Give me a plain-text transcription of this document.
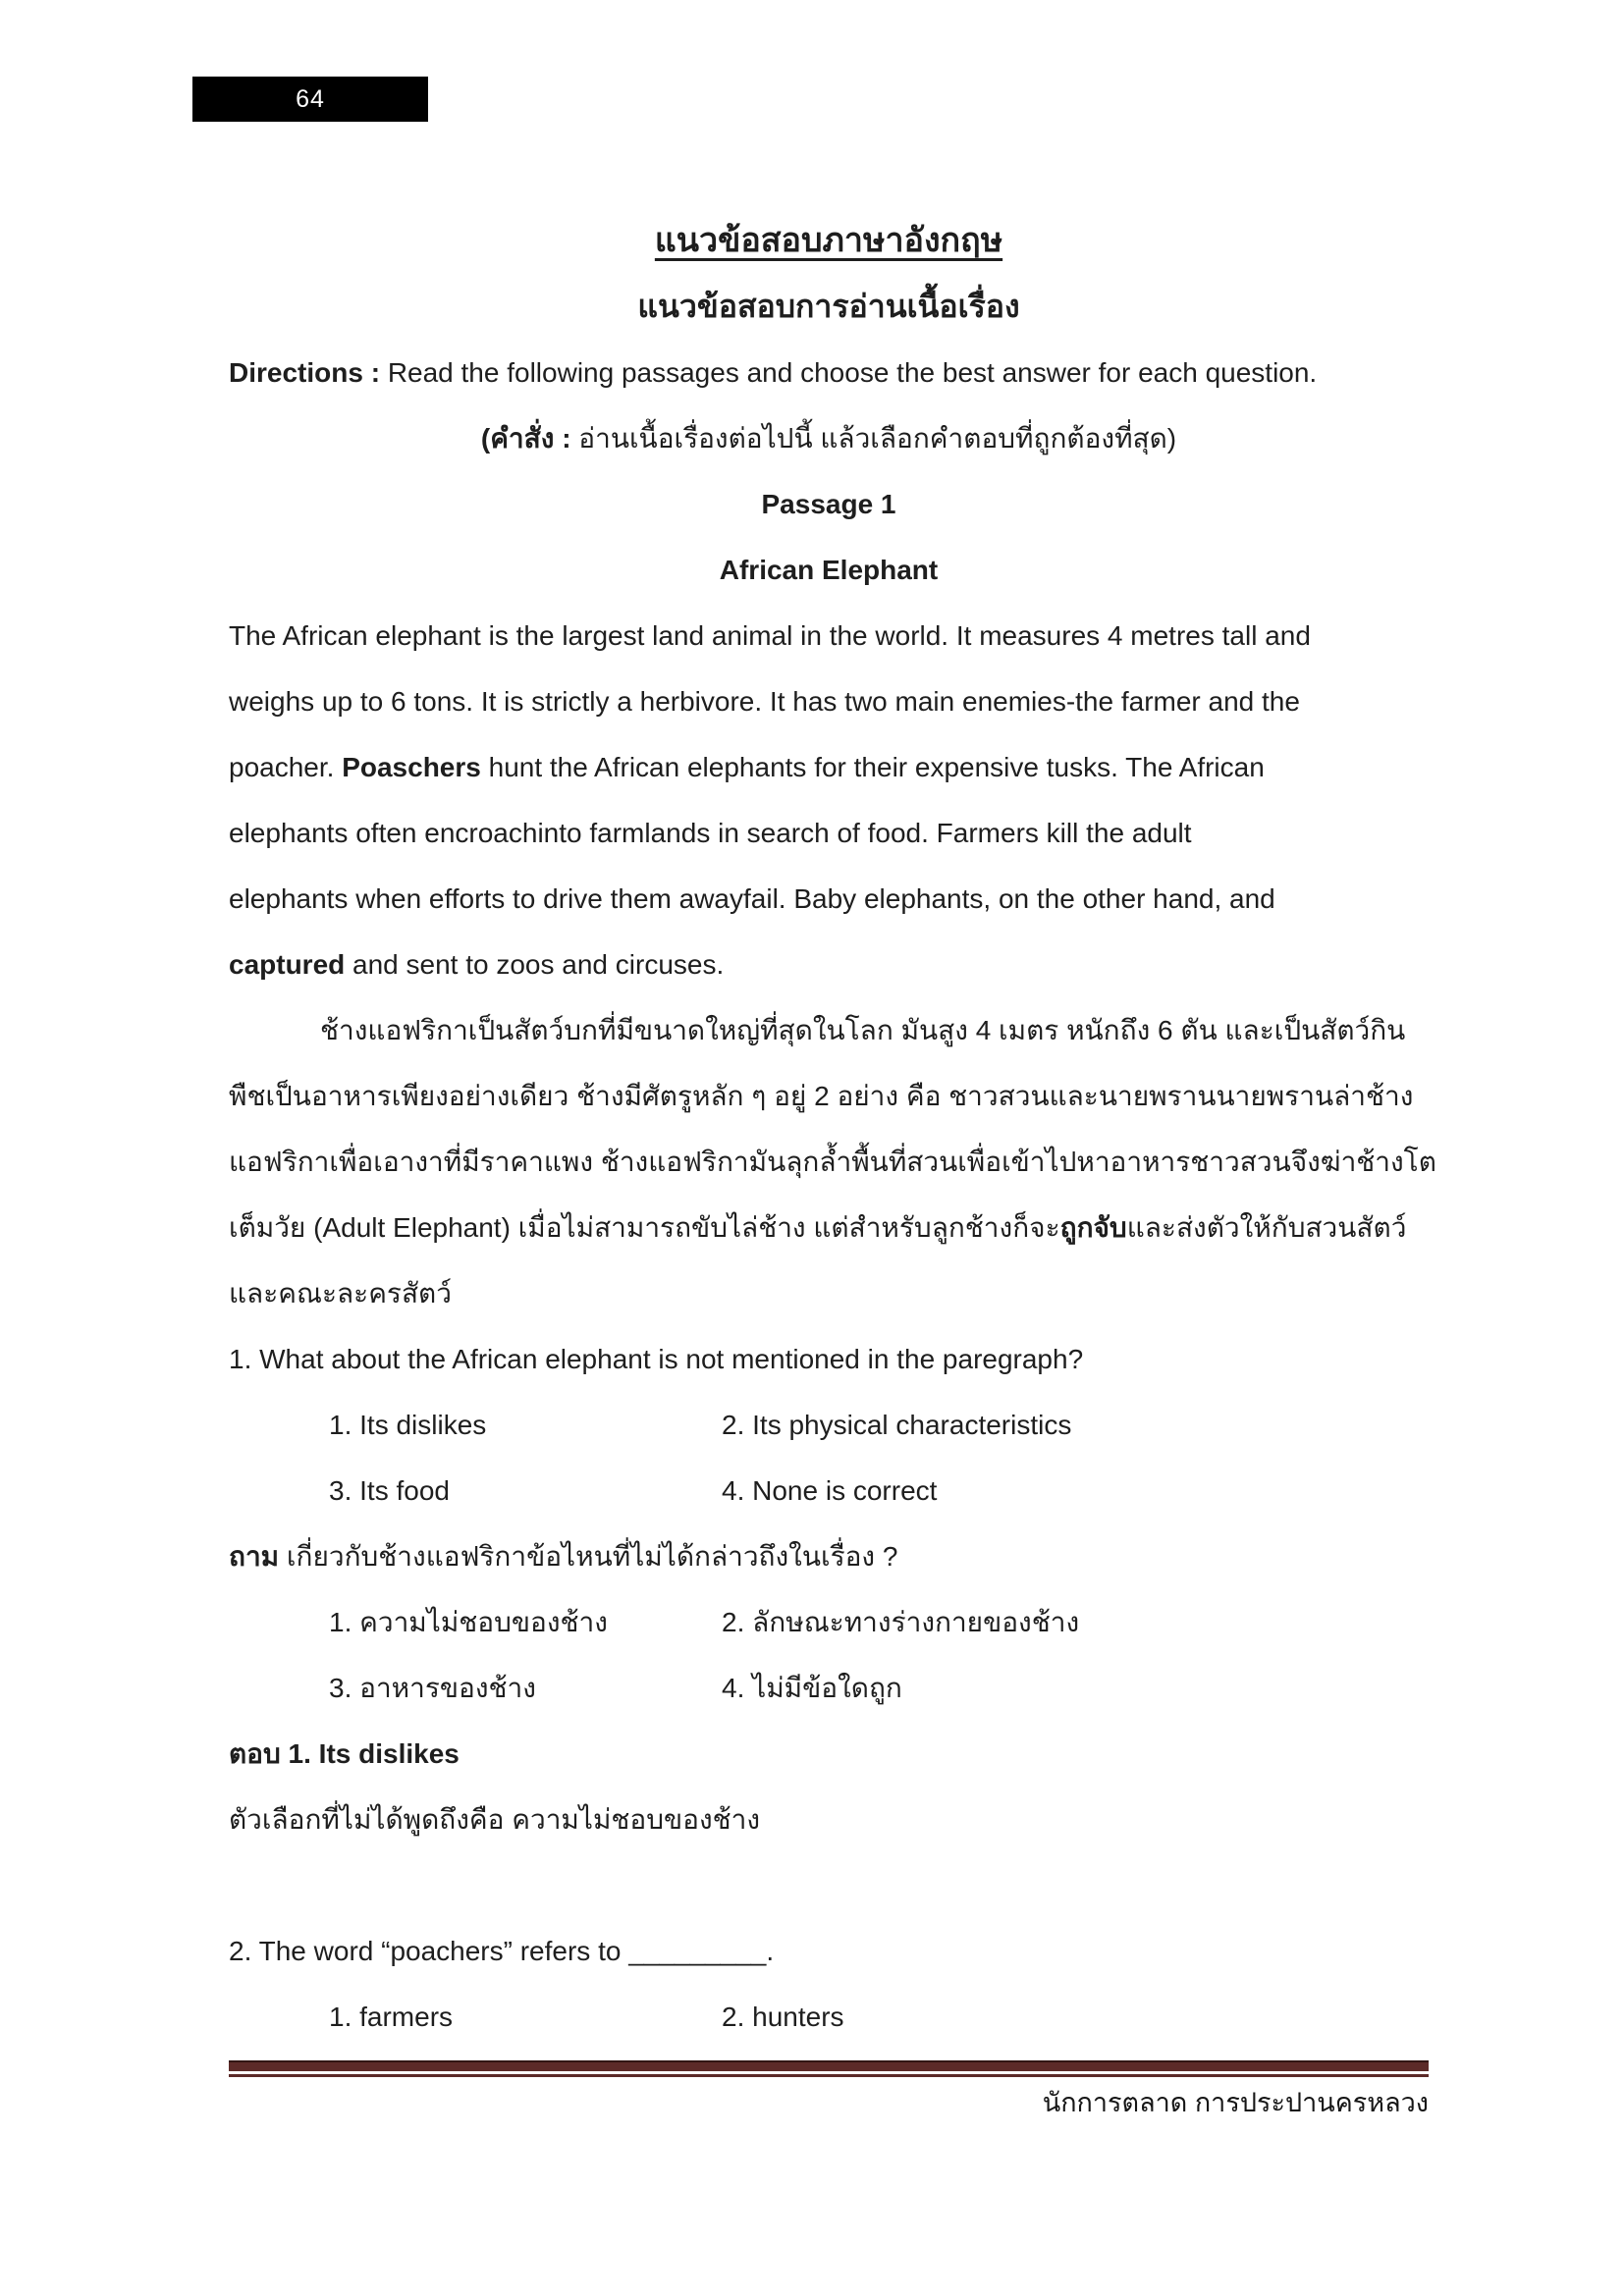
64
แนวข้อสอบภาษาอังกฤษ
แนวข้อสอบการอ่านเนื้อเรื่อง
Directions : Read the following passages and choose the best answer for each question.
(คำสั่ง : อ่านเนื้อเรื่องต่อไปนี้ แล้วเลือกคำตอบที่ถูกต้องที่สุด)
Passage 1
African Elephant
The African elephant is the largest land animal in the world. It measures 4 metres tall and
weighs up to 6 tons. It is strictly a herbivore. It has two main enemies-the farmer and the
poacher. Poaschers hunt the African elephants for their expensive tusks. The African
elephants often encroachinto farmlands in search of food. Farmers kill the adult
elephants when efforts to drive them awayfail. Baby elephants, on the other hand, and
captured and sent to zoos and circuses.
ช้างแอฟริกาเป็นสัตว์บกที่มีขนาดใหญ่ที่สุดในโลก มันสูง 4 เมตร หนักถึง 6 ตัน และเป็นสัตว์กิน
พืชเป็นอาหารเพียงอย่างเดียว ช้างมีศัตรูหลัก ๆ อยู่ 2 อย่าง คือ ชาวสวนและนายพรานนายพรานล่าช้าง
แอฟริกาเพื่อเอางาที่มีราคาแพง ช้างแอฟริกามันลุกล้ำพื้นที่สวนเพื่อเข้าไปหาอาหารชาวสวนจึงฆ่าช้างโต
เต็มวัย (Adult Elephant) เมื่อไม่สามารถขับไล่ช้าง แต่สำหรับลูกช้างก็จะถูกจับและส่งตัวให้กับสวนสัตว์
และคณะละครสัตว์
1. What about the African elephant is not mentioned in the paregraph?
1. Its dislikes	2. Its physical characteristics
3. Its food	4. None is correct
ถาม เกี่ยวกับช้างแอฟริกาข้อไหนที่ไม่ได้กล่าวถึงในเรื่อง ?
1. ความไม่ชอบของช้าง	2. ลักษณะทางร่างกายของช้าง
3. อาหารของช้าง	4. ไม่มีข้อใดถูก
ตอบ 1. Its dislikes
ตัวเลือกที่ไม่ได้พูดถึงคือ ความไม่ชอบของช้าง
2. The word “poachers” refers to _________.
1. farmers	2. hunters
นักการตลาด การประปานครหลวง
